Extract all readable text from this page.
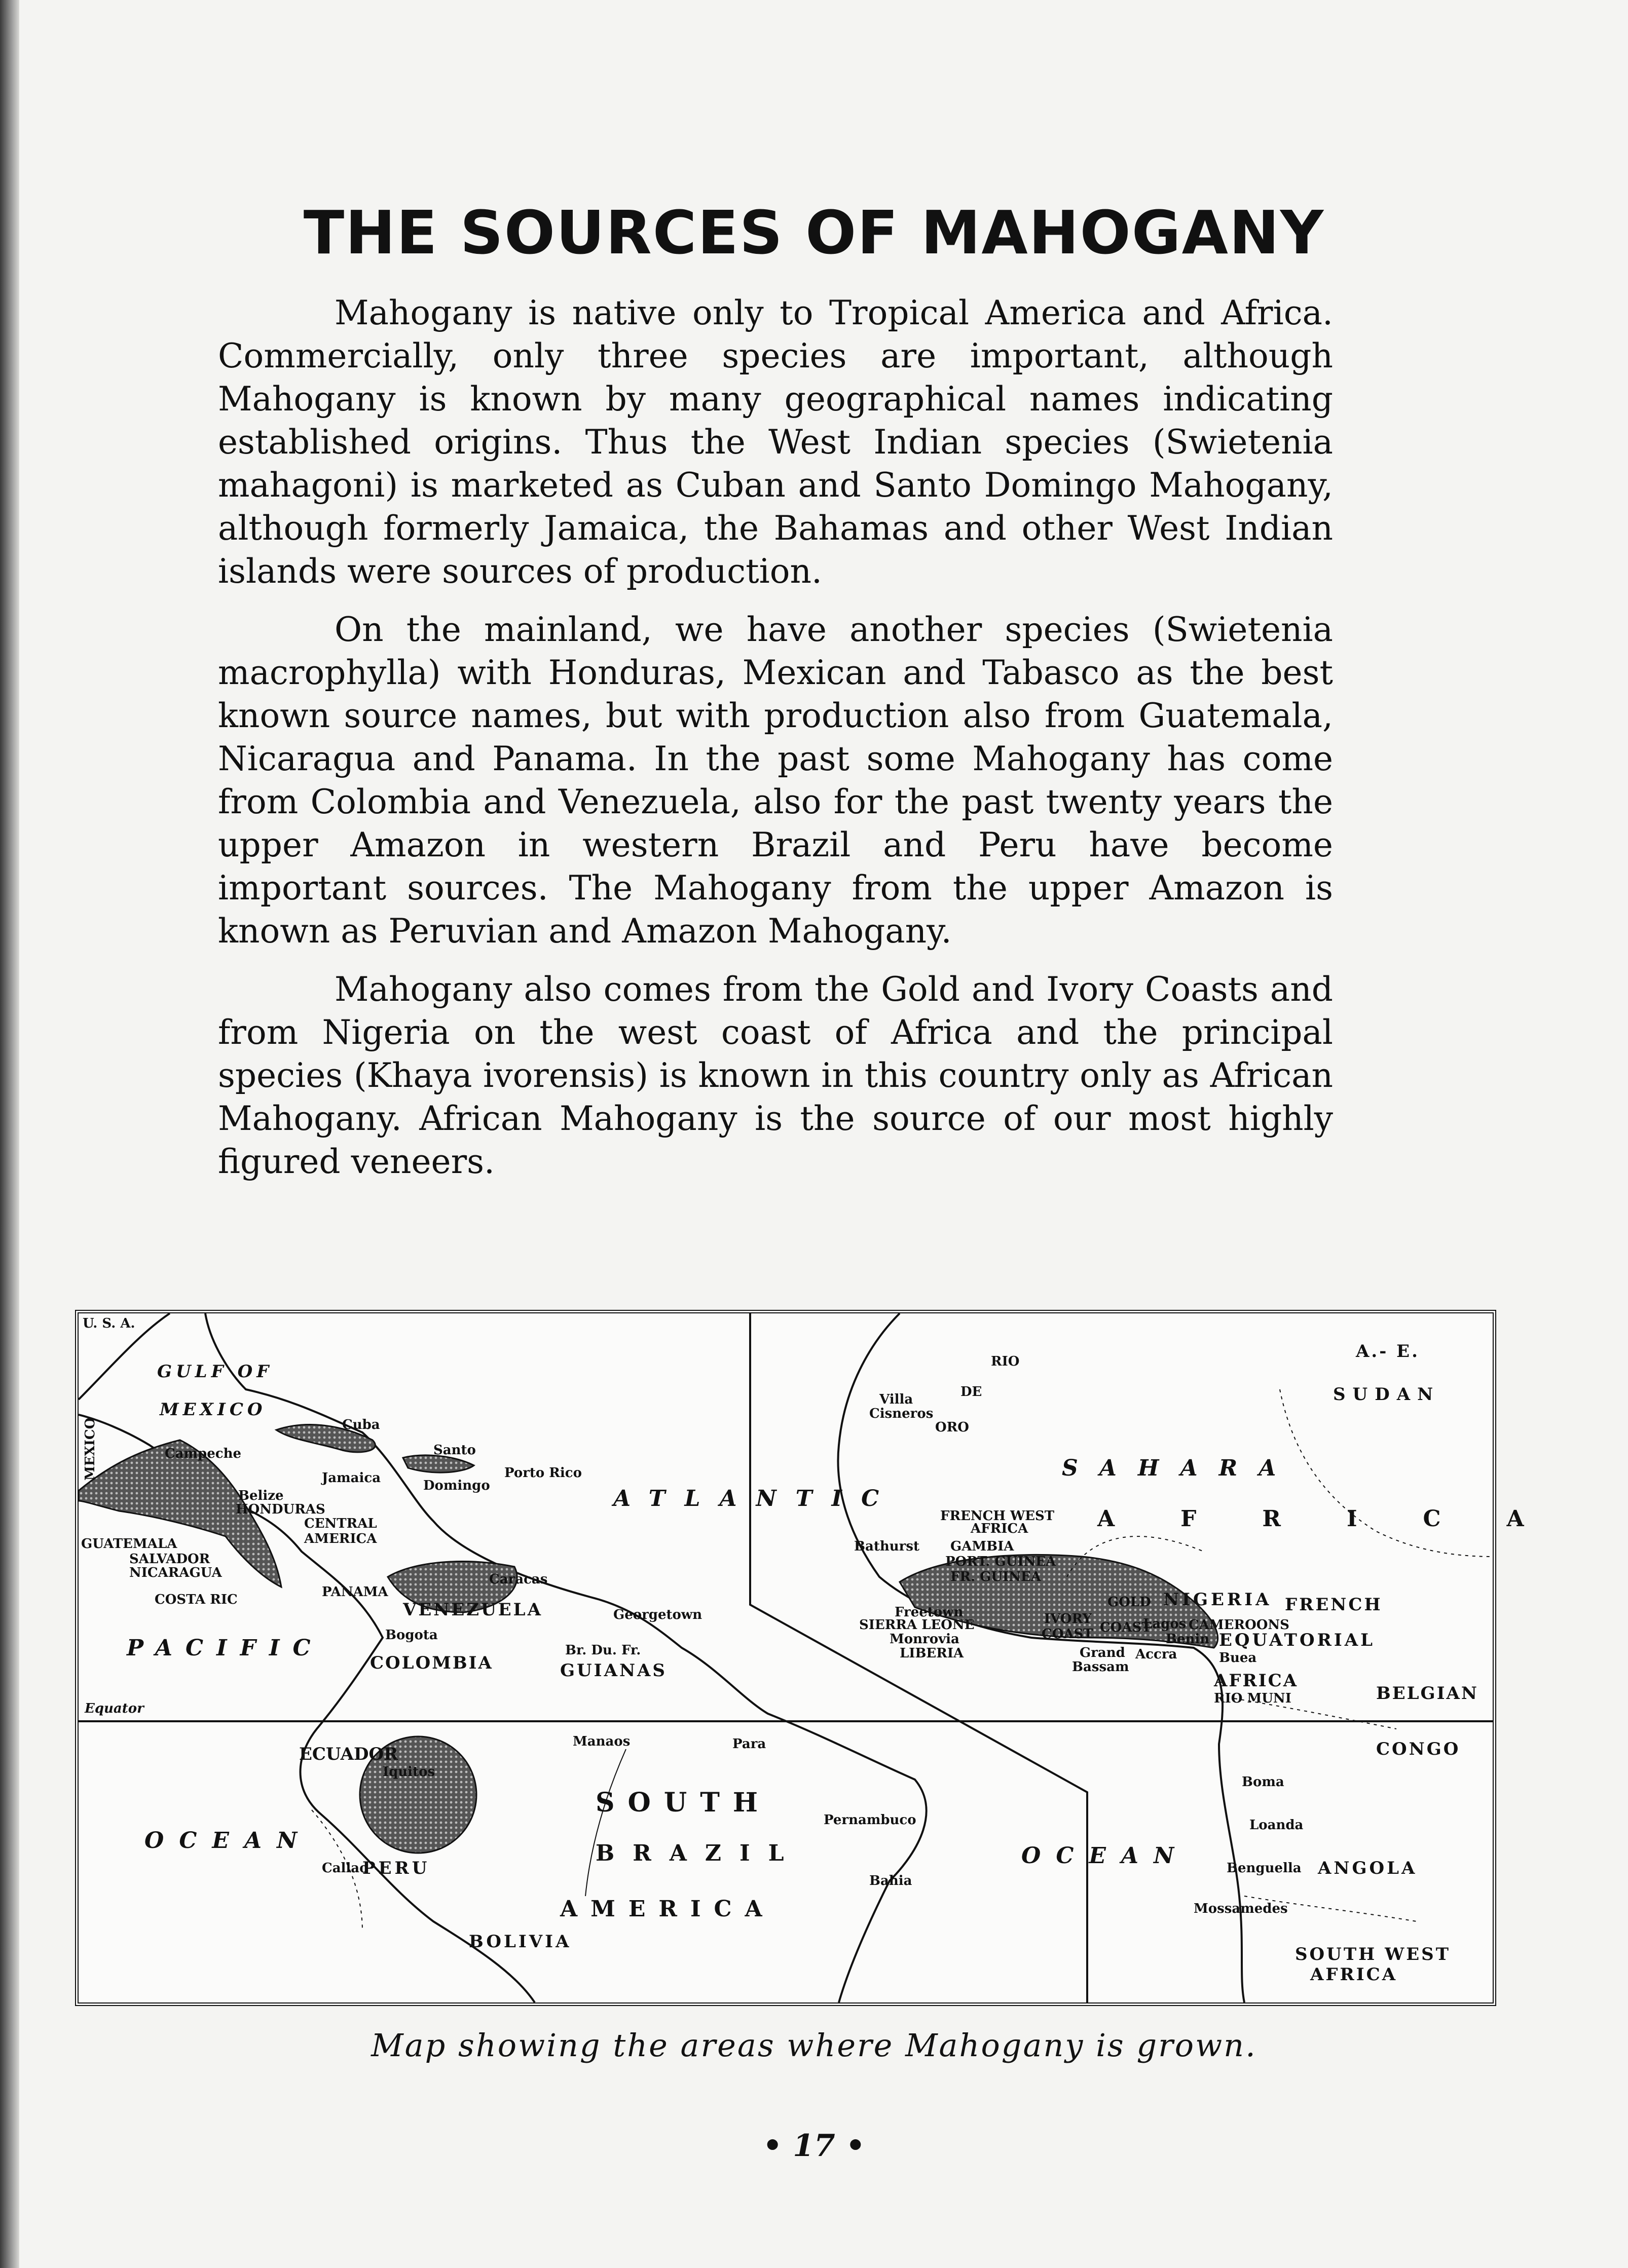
THE SOURCES OF MAHOGANY

Mahogany is native only to Tropical America and Africa. Commercially, only three species are important, although Mahogany is known by many geographical names indicating established origins. Thus the West Indian species (Swietenia mahagoni) is marketed as Cuban and Santo Domingo Mahogany, although formerly Jamaica, the Bahamas and other West Indian islands were sources of production.

On the mainland, we have another species (Swietenia macrophylla) with Honduras, Mexican and Tabasco as the best known source names, but with production also from Guatemala, Nicaragua and Panama. In the past some Mahogany has come from Colombia and Venezuela, also for the past twenty years the upper Amazon in western Brazil and Peru have become important sources. The Mahogany from the upper Amazon is known as Peruvian and Amazon Mahogany.

Mahogany also comes from the Gold and Ivory Coasts and from Nigeria on the west coast of Africa and the principal species (Khaya ivorensis) is known in this country only as African Mahogany. African Mahogany is the source of our most highly figured veneers.

U. S. A.
GULF OF
MEXICO
MEXICO	Cuba
Campeche	Santo
Domingo
Porto Rico
Jamaica
Belize
HONDURAS
CENTRAL
AMERICA
GUATEMALA
SALVADOR
NICARAGUA
COSTA RIC	PANAMA
Caracas
VENEZUELA	Georgetown
Bogota
COLOMBIA
Br. Du. Fr.
GUIANAS
PACIFIC
ATLANTIC
Equator
ECUADOR
Iquitos
Manaos	Para
SOUTH
BRAZIL
Pernambuco
OCEAN
Callao
PERU
AMERICA
Bahia
BOLIVIA
OCEAN
RIO
DE
ORO
Villa
Cisneros
A.- E.
SUDAN
SAHARA
AFRICA
FRENCH WEST
AFRICA
Bathurst GAMBIA
PORT. GUINEA
FR. GUINEA
Freetown
SIERRA LEONE
Monrovia
LIBERIA
IVORY
COAST
GOLD
COAST
Grand
Bassam
Accra
Lagos
Benin
NIGERIA
CAMEROONS
Buea
FRENCH
EQUATORIAL
AFRICA
RIO MUNI	BELGIAN
CONGO
Boma
Loanda
Benguella ANGOLA
Mossamedes
SOUTH WEST
AFRICA
Map showing the areas where Mahogany is grown.
• 17 •
